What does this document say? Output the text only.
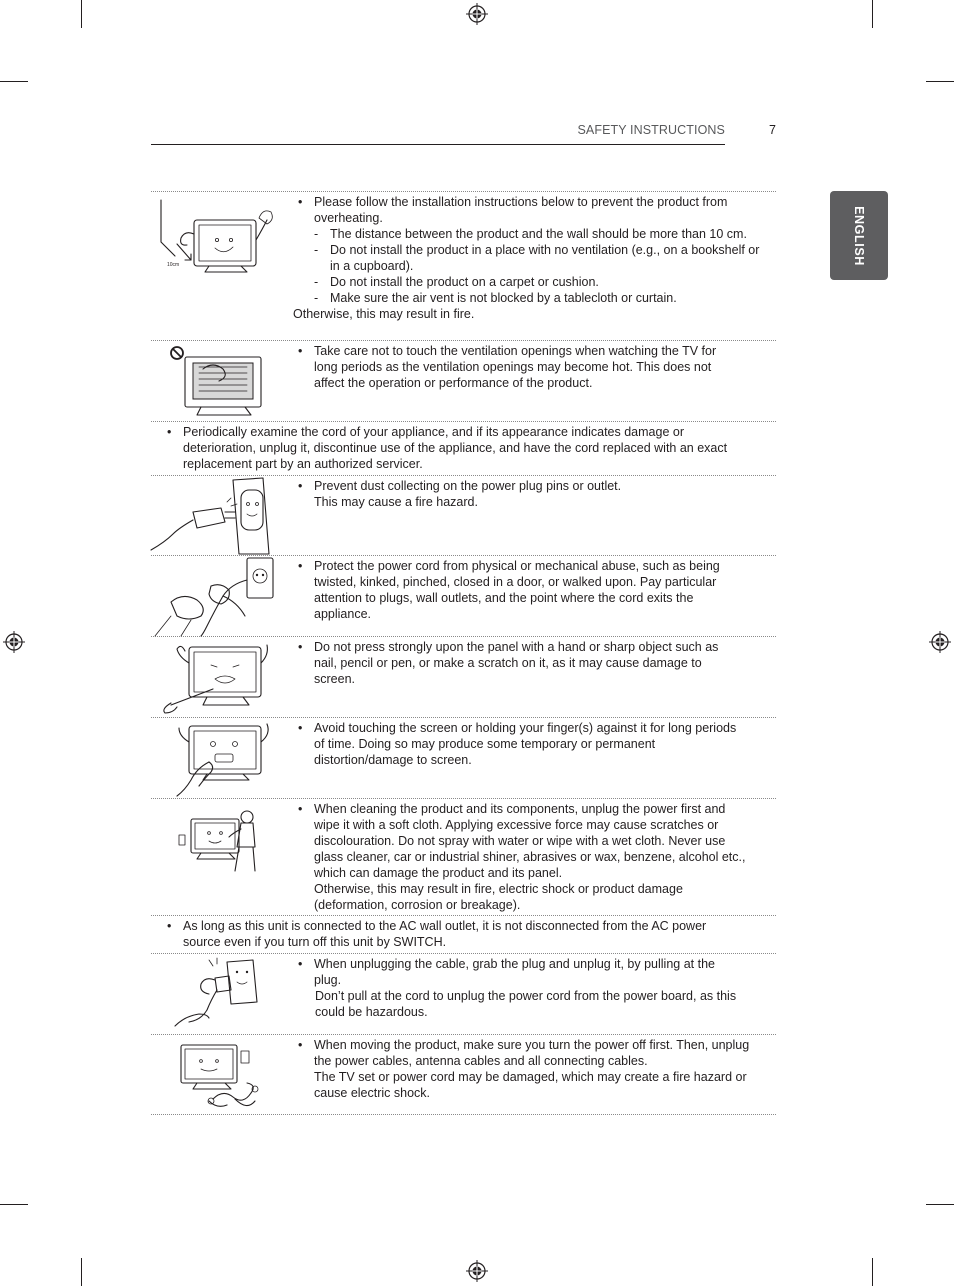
SAFETY INSTRUCTIONS	7
ENGLISH
10cm
• Please follow the installation instructions below to prevent the product from overheating.
- The distance between the product and the wall should be more than 10 cm.
- Do not install the product in a place with no ventilation (e.g., on a bookshelf or in a cupboard).
- Do not install the product on a carpet or cushion.
- Make sure the air vent is not blocked by a tablecloth or curtain.
Otherwise, this may result in fire.
• Take care not to touch the ventilation openings when watching the TV for long periods as the ventilation openings may become hot. This does not affect the operation or performance of the product.
• Periodically examine the cord of your appliance, and if its appearance indicates damage or deterioration, unplug it, discontinue use of the appliance, and have the cord replaced with an exact replacement part by an authorized servicer.
• Prevent dust collecting on the power plug pins or outlet.
This may cause a fire hazard.
• Protect the power cord from physical or mechanical abuse, such as being twisted, kinked, pinched, closed in a door, or walked upon. Pay particular attention to plugs, wall outlets, and the point where the cord exits the appliance.
• Do not press strongly upon the panel with a hand or sharp object such as nail, pencil or pen, or make a scratch on it, as it may cause damage to screen.
• Avoid touching the screen or holding your finger(s) against it for long periods of time. Doing so may produce some temporary or permanent distortion/damage to screen.
• When cleaning the product and its components, unplug the power first and wipe it with a soft cloth. Applying excessive force may cause scratches or discolouration. Do not spray with water or wipe with a wet cloth. Never use glass cleaner, car or industrial shiner, abrasives or wax, benzene, alcohol etc., which can damage the product and its panel.
Otherwise, this may result in fire, electric shock or product damage (deformation, corrosion or breakage).
• As long as this unit is connected to the AC wall outlet, it is not disconnected from the AC power source even if you turn off this unit by SWITCH.
• When unplugging the cable, grab the plug and unplug it, by pulling at the plug.
Don’t pull at the cord to unplug the power cord from the power board, as this could be hazardous.
• When moving the product, make sure you turn the power off first. Then, unplug the power cables, antenna cables and all connecting cables.
The TV set or power cord may be damaged, which may create a fire hazard or cause electric shock.
